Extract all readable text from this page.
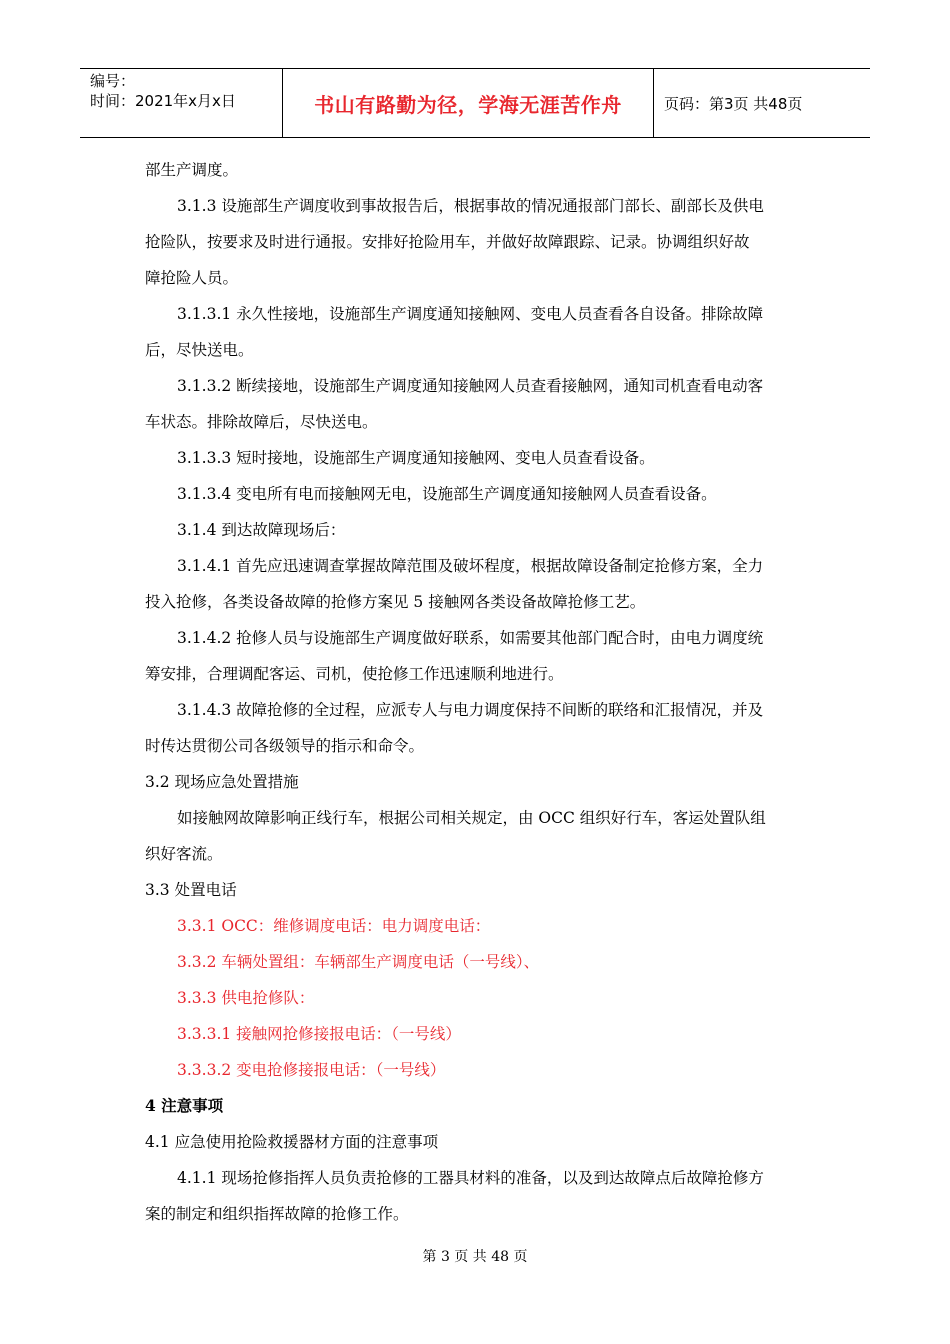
编号：
时间：2021年x月x日	书山有路勤为径，学海无涯苦作舟	页码：第3页 共48页
部生产调度。
3.1.3 设施部生产调度收到事故报告后，根据事故的情况通报部门部长、副部长及供电
抢险队，按要求及时进行通报。安排好抢险用车，并做好故障跟踪、记录。协调组织好故
障抢险人员。
3.1.3.1 永久性接地，设施部生产调度通知接触网、变电人员查看各自设备。排除故障
后，尽快送电。
3.1.3.2 断续接地，设施部生产调度通知接触网人员查看接触网，通知司机查看电动客
车状态。排除故障后，尽快送电。
3.1.3.3 短时接地，设施部生产调度通知接触网、变电人员查看设备。
3.1.3.4 变电所有电而接触网无电，设施部生产调度通知接触网人员查看设备。
3.1.4 到达故障现场后：
3.1.4.1 首先应迅速调查掌握故障范围及破坏程度，根据故障设备制定抢修方案，全力
投入抢修，各类设备故障的抢修方案见 5 接触网各类设备故障抢修工艺。
3.1.4.2 抢修人员与设施部生产调度做好联系，如需要其他部门配合时，由电力调度统
筹安排，合理调配客运、司机，使抢修工作迅速顺利地进行。
3.1.4.3 故障抢修的全过程，应派专人与电力调度保持不间断的联络和汇报情况，并及
时传达贯彻公司各级领导的指示和命令。
3.2 现场应急处置措施
如接触网故障影响正线行车，根据公司相关规定，由 OCC 组织好行车，客运处置队组
织好客流。
3.3 处置电话
3.3.1 OCC：维修调度电话：电力调度电话：
3.3.2 车辆处置组：车辆部生产调度电话（一号线）、
3.3.3 供电抢修队：
3.3.3.1 接触网抢修接报电话：（一号线）
3.3.3.2 变电抢修接报电话：（一号线）
4 注意事项
4.1 应急使用抢险救援器材方面的注意事项
4.1.1 现场抢修指挥人员负责抢修的工器具材料的准备，以及到达故障点后故障抢修方
案的制定和组织指挥故障的抢修工作。
第 3 页 共 48 页
